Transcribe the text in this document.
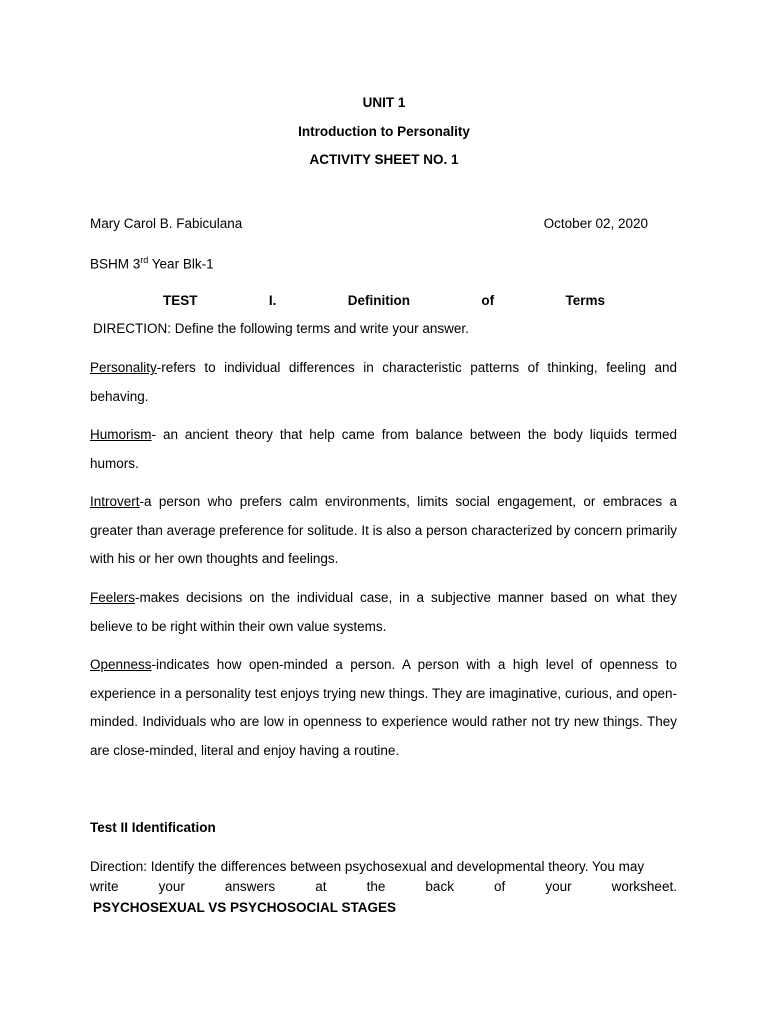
UNIT 1

Introduction to Personality

ACTIVITY SHEET NO. 1

Mary Carol B. Fabiculana	October 02, 2020

BSHM 3rd Year Blk-1

TEST	I.	Definition	of	Terms

DIRECTION: Define the following terms and write your answer.

Personality-refers to individual differences in characteristic patterns of thinking, feeling and behaving.

Humorism- an ancient theory that help came from balance between the body liquids termed humors.

Introvert-a person who prefers calm environments, limits social engagement, or embraces a greater than average preference for solitude. It is also a person characterized by concern primarily with his or her own thoughts and feelings.

Feelers-makes decisions on the individual case, in a subjective manner based on what they believe to be right within their own value systems.

Openness-indicates how open-minded a person. A person with a high level of openness to experience in a personality test enjoys trying new things. They are imaginative, curious, and open-minded. Individuals who are low in openness to experience would rather not try new things. They are close-minded, literal and enjoy having a routine.

Test II Identification

Direction: Identify the differences between psychosexual and developmental theory. You may
write	your	answers	at	the	back	of	your	worksheet.

PSYCHOSEXUAL VS PSYCHOSOCIAL STAGES
